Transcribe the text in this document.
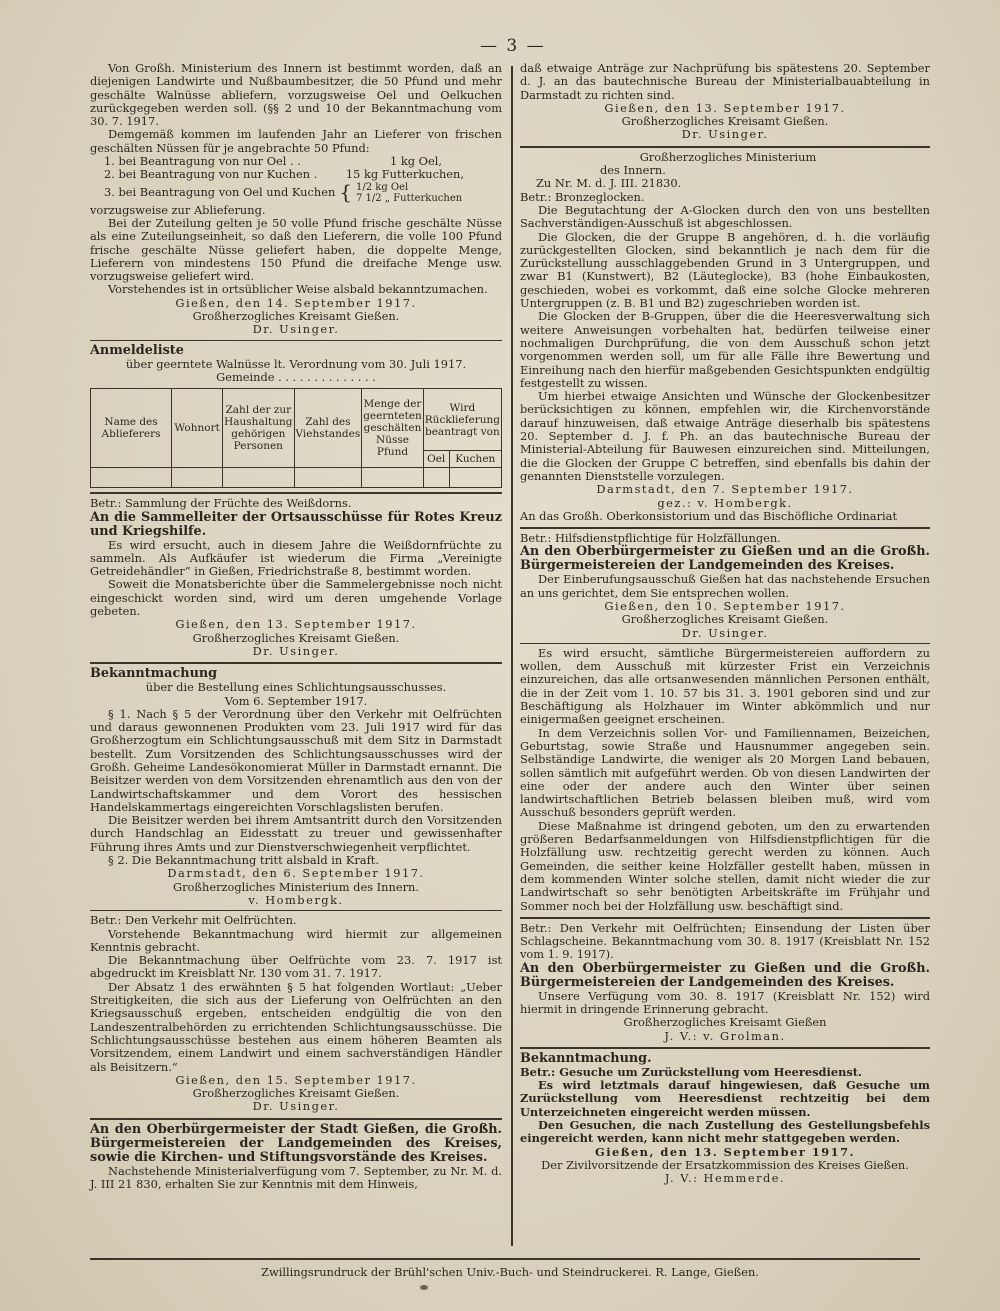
— 3 —

Von Großh. Ministerium des Innern ist bestimmt worden, daß an diejenigen Landwirte und Nußbaumbesitzer, die 50 Pfund und mehr geschälte Walnüsse abliefern, vorzugsweise Oel und Oelkuchen zurückgegeben werden soll. (§§ 2 und 10 der Bekanntmachung vom 30. 7. 1917.

Demgemäß kommen im laufenden Jahr an Lieferer von frischen geschälten Nüssen für je angebrachte 50 Pfund:

1. bei Beantragung von nur Oel . .	1 kg Oel,
2. bei Beantragung von nur Kuchen . 15 kg Futterkuchen,
3. bei Beantragung von Oel und Kuchen { 1/2 kg Oel
7 1/2 „ Futterkuchen

vorzugsweise zur Ablieferung.

Bei der Zuteilung gelten je 50 volle Pfund frische geschälte Nüsse als eine Zuteilungseinheit, so daß den Lieferern, die volle 100 Pfund frische geschälte Nüsse geliefert haben, die doppelte Menge, Lieferern von mindestens 150 Pfund die dreifache Menge usw. vorzugsweise geliefert wird.

Vorstehendes ist in ortsüblicher Weise alsbald bekanntzumachen.

Gießen, den 14. September 1917.

Großherzogliches Kreisamt Gießen.

Dr. Usinger.

Anmeldeliste

über geerntete Walnüsse lt. Verordnung vom 30. Juli 1917.

Gemeinde . . . . . . . . . . . . . .

Name des Ablieferers	Wohnort	Zahl der zur Haushaltung gehörigen Personen	Zahl des Viehstandes	Menge der geernteten geschälten Nüsse Pfund	Wird Rücklieferung beantragt von	
					Oel	Kuchen

Betr.: Sammlung der Früchte des Weißdorns.

An die Sammelleiter der Ortsausschüsse für Rotes Kreuz und Kriegshilfe.

Es wird ersucht, auch in diesem Jahre die Weißdornfrüchte zu sammeln. Als Aufkäufer ist wiederum die Firma „Vereinigte Getreidehändler“ in Gießen, Friedrichstraße 8, bestimmt worden.

Soweit die Monatsberichte über die Sammelergebnisse noch nicht eingeschickt worden sind, wird um deren umgehende Vorlage gebeten.

Gießen, den 13. September 1917.

Großherzogliches Kreisamt Gießen.

Dr. Usinger.

Bekanntmachung

über die Bestellung eines Schlichtungsausschusses.

Vom 6. September 1917.

§ 1. Nach § 5 der Verordnung über den Verkehr mit Oelfrüchten und daraus gewonnenen Produkten vom 23. Juli 1917 wird für das Großherzogtum ein Schlichtungsausschuß mit dem Sitz in Darmstadt bestellt. Zum Vorsitzenden des Schlichtungsausschusses wird der Großh. Geheime Landesökonomierat Müller in Darmstadt ernannt. Die Beisitzer werden von dem Vorsitzenden ehrenamtlich aus den von der Landwirtschaftskammer und dem Vorort des hessischen Handelskammertags eingereichten Vorschlagslisten berufen.

Die Beisitzer werden bei ihrem Amtsantritt durch den Vorsitzenden durch Handschlag an Eidesstatt zu treuer und gewissenhafter Führung ihres Amts und zur Dienstverschwiegenheit verpflichtet.

§ 2. Die Bekanntmachung tritt alsbald in Kraft.

Darmstadt, den 6. September 1917.

Großherzogliches Ministerium des Innern.

v. Hombergk.

Betr.: Den Verkehr mit Oelfrüchten.

Vorstehende Bekanntmachung wird hiermit zur allgemeinen Kenntnis gebracht.

Die Bekanntmachung über Oelfrüchte vom 23. 7. 1917 ist abgedruckt im Kreisblatt Nr. 130 vom 31. 7. 1917.

Der Absatz 1 des erwähnten § 5 hat folgenden Wortlaut: „Ueber Streitigkeiten, die sich aus der Lieferung von Oelfrüchten an den Kriegsausschuß ergeben, entscheiden endgültig die von den Landeszentralbehörden zu errichtenden Schlichtungsausschüsse. Die Schlichtungsausschüsse bestehen aus einem höheren Beamten als Vorsitzendem, einem Landwirt und einem sachverständigen Händler als Beisitzern.“

Gießen, den 15. September 1917.

Großherzogliches Kreisamt Gießen.

Dr. Usinger.

An den Oberbürgermeister der Stadt Gießen, die Großh. Bürgermeistereien der Landgemeinden des Kreises, sowie die Kirchen- und Stiftungsvorstände des Kreises.

Nachstehende Ministerialverfügung vom 7. September, zu Nr. M. d. J. III 21 830, erhalten Sie zur Kenntnis mit dem Hinweis,

daß etwaige Anträge zur Nachprüfung bis spätestens 20. September d. J. an das bautechnische Bureau der Ministerialbauabteilung in Darmstadt zu richten sind.

Gießen, den 13. September 1917.

Großherzogliches Kreisamt Gießen.

Dr. Usinger.

Großherzogliches Ministerium

des Innern.

Zu Nr. M. d. J. III. 21830.

Betr.: Bronzeglocken.

Die Begutachtung der A-Glocken durch den von uns bestellten Sachverständigen-Ausschuß ist abgeschlossen.

Die Glocken, die der Gruppe B angehören, d. h. die vorläufig zurückgestellten Glocken, sind bekanntlich je nach dem für die Zurückstellung ausschlaggebenden Grund in 3 Untergruppen, und zwar B1 (Kunstwert), B2 (Läuteglocke), B3 (hohe Einbaukosten, geschieden, wobei es vorkommt, daß eine solche Glocke mehreren Untergruppen (z. B. B1 und B2) zugeschrieben worden ist.

Die Glocken der B-Gruppen, über die die Heeresverwaltung sich weitere Anweisungen vorbehalten hat, bedürfen teilweise einer nochmaligen Durchprüfung, die von dem Ausschuß schon jetzt vorgenommen werden soll, um für alle Fälle ihre Bewertung und Einreihung nach den hierfür maßgebenden Gesichtspunkten endgültig festgestellt zu wissen.

Um hierbei etwaige Ansichten und Wünsche der Glockenbesitzer berücksichtigen zu können, empfehlen wir, die Kirchenvorstände darauf hinzuweisen, daß etwaige Anträge dieserhalb bis spätestens 20. September d. J. f. Ph. an das bautechnische Bureau der Ministerial-Abteilung für Bauwesen einzureichen sind. Mitteilungen, die die Glocken der Gruppe C betreffen, sind ebenfalls bis dahin der genannten Dienststelle vorzulegen.

Darmstadt, den 7. September 1917.

gez.: v. Hombergk.

An das Großh. Oberkonsistorium und das Bischöfliche Ordinariat

Betr.: Hilfsdienstpflichtige für Holzfällungen.

An den Oberbürgermeister zu Gießen und an die Großh. Bürgermeistereien der Landgemeinden des Kreises.

Der Einberufungsausschuß Gießen hat das nachstehende Ersuchen an uns gerichtet, dem Sie entsprechen wollen.

Gießen, den 10. September 1917.

Großherzogliches Kreisamt Gießen.

Dr. Usinger.

Es wird ersucht, sämtliche Bürgermeistereien auffordern zu wollen, dem Ausschuß mit kürzester Frist ein Verzeichnis einzureichen, das alle ortsanwesenden männlichen Personen enthält, die in der Zeit vom 1. 10. 57 bis 31. 3. 1901 geboren sind und zur Beschäftigung als Holzhauer im Winter abkömmlich und nur einigermaßen geeignet erscheinen.

In dem Verzeichnis sollen Vor- und Familiennamen, Beizeichen, Geburtstag, sowie Straße und Hausnummer angegeben sein. Selbständige Landwirte, die weniger als 20 Morgen Land bebauen, sollen sämtlich mit aufgeführt werden. Ob von diesen Landwirten der eine oder der andere auch den Winter über seinen landwirtschaftlichen Betrieb belassen bleiben muß, wird vom Ausschuß besonders geprüft werden.

Diese Maßnahme ist dringend geboten, um den zu erwartenden größeren Bedarfsanmeldungen von Hilfsdienstpflichtigen für die Holzfällung usw. rechtzeitig gerecht werden zu können. Auch Gemeinden, die seither keine Holzfäller gestellt haben, müssen in dem kommenden Winter solche stellen, damit nicht wieder die zur Landwirtschaft so sehr benötigten Arbeitskräfte im Frühjahr und Sommer noch bei der Holzfällung usw. beschäftigt sind.

Betr.: Den Verkehr mit Oelfrüchten; Einsendung der Listen über Schlagscheine. Bekanntmachung vom 30. 8. 1917 (Kreisblatt Nr. 152 vom 1. 9. 1917).

An den Oberbürgermeister zu Gießen und die Großh. Bürgermeistereien der Landgemeinden des Kreises.

Unsere Verfügung vom 30. 8. 1917 (Kreisblatt Nr. 152) wird hiermit in dringende Erinnerung gebracht.

Großherzogliches Kreisamt Gießen

J. V.: v. Grolman.

Bekanntmachung.

Betr.: Gesuche um Zurückstellung vom Heeresdienst.

Es wird letztmals darauf hingewiesen, daß Gesuche um Zurückstellung vom Heeresdienst rechtzeitig bei dem Unterzeichneten eingereicht werden müssen.

Den Gesuchen, die nach Zustellung des Gestellungsbefehls eingereicht werden, kann nicht mehr stattgegeben werden.

Gießen, den 13. September 1917.

Der Zivilvorsitzende der Ersatzkommission des Kreises Gießen.

J. V.: Hemmerde.

Zwillingsrundruck der Brühl'schen Univ.-Buch- und Steindruckerei. R. Lange, Gießen.
